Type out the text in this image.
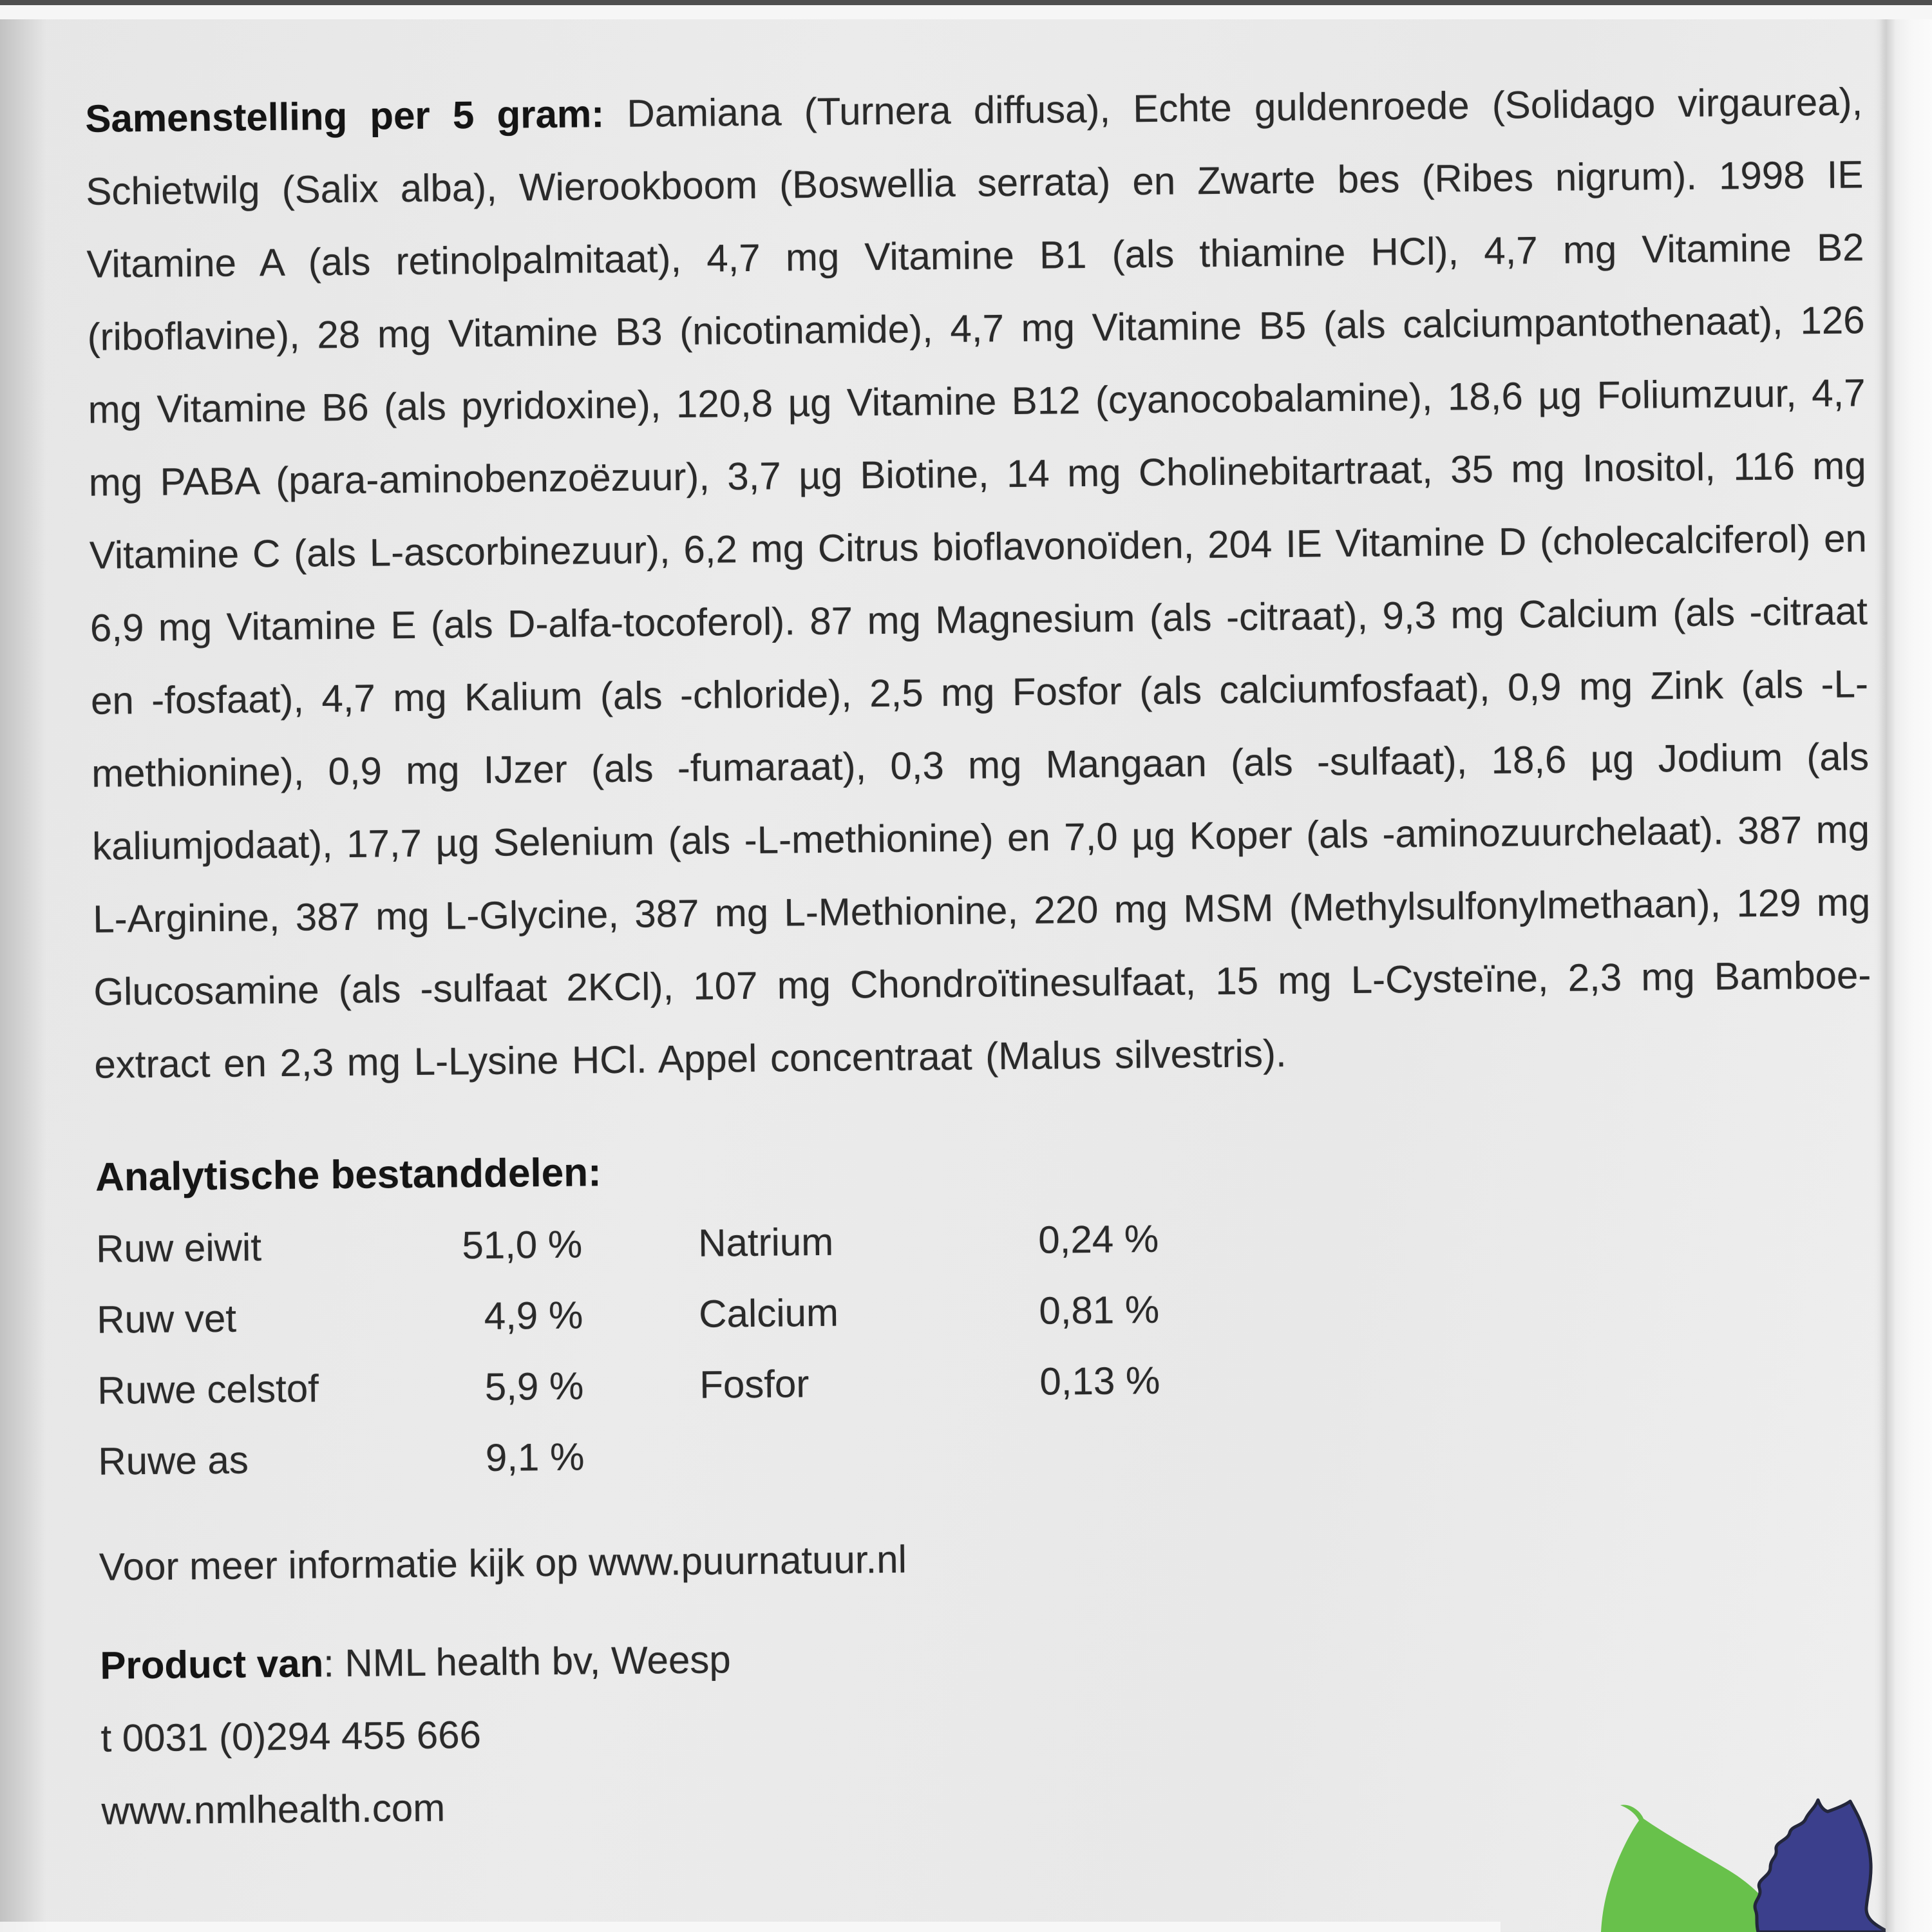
Samenstelling per 5 gram: Damiana (Turnera diffusa), Echte guldenroede (Solidago virgaurea), Schietwilg (Salix alba), Wierookboom (Boswellia serrata) en Zwarte bes (Ribes nigrum). 1998 IE Vitamine A (als retinolpalmitaat), 4,7 mg Vitamine B1 (als thiamine HCl), 4,7 mg Vitamine B2 (riboflavine), 28 mg Vitamine B3 (nicotinamide), 4,7 mg Vitamine B5 (als calciumpantothenaat), 126 mg Vitamine B6 (als pyridoxine), 120,8 µg Vitamine B12 (cyanocobalamine), 18,6 µg Foliumzuur, 4,7 mg PABA (para-aminobenzoëzuur), 3,7 µg Biotine, 14 mg Cholinebitartraat, 35 mg Inositol, 116 mg Vitamine C (als L-ascorbinezuur), 6,2 mg Citrus bioflavonoïden, 204 IE Vitamine D (cholecalciferol) en 6,9 mg Vitamine E (als D-alfa-tocoferol). 87 mg Magnesium (als -citraat), 9,3 mg Calcium (als -citraat en -fosfaat), 4,7 mg Kalium (als -chloride), 2,5 mg Fosfor (als calciumfosfaat), 0,9 mg Zink (als -L-methionine), 0,9 mg IJzer (als -fumaraat), 0,3 mg Mangaan (als -sulfaat), 18,6 µg Jodium (als kaliumjodaat), 17,7 µg Selenium (als -L-methionine) en 7,0 µg Koper (als -aminozuurchelaat). 387 mg L-Arginine, 387 mg L-Glycine, 387 mg L-Methionine, 220 mg MSM (Methylsulfonylmethaan), 129 mg Glucosamine (als -sulfaat 2KCl), 107 mg Chondroïtinesulfaat, 15 mg L-Cysteïne, 2,3 mg Bamboe-extract en 2,3 mg L-Lysine HCl. Appel concentraat (Malus silvestris).

Analytische bestanddelen:
Ruw eiwit	51,0 %	Natrium	0,24 %
Ruw vet	4,9 %	Calcium	0,81 %
Ruwe celstof	5,9 %	Fosfor	0,13 %
Ruwe as	9,1 %

Voor meer informatie kijk op www.puurnatuur.nl

Product van: NML health bv, Weesp

t 0031 (0)294 455 666

www.nmlhealth.com
